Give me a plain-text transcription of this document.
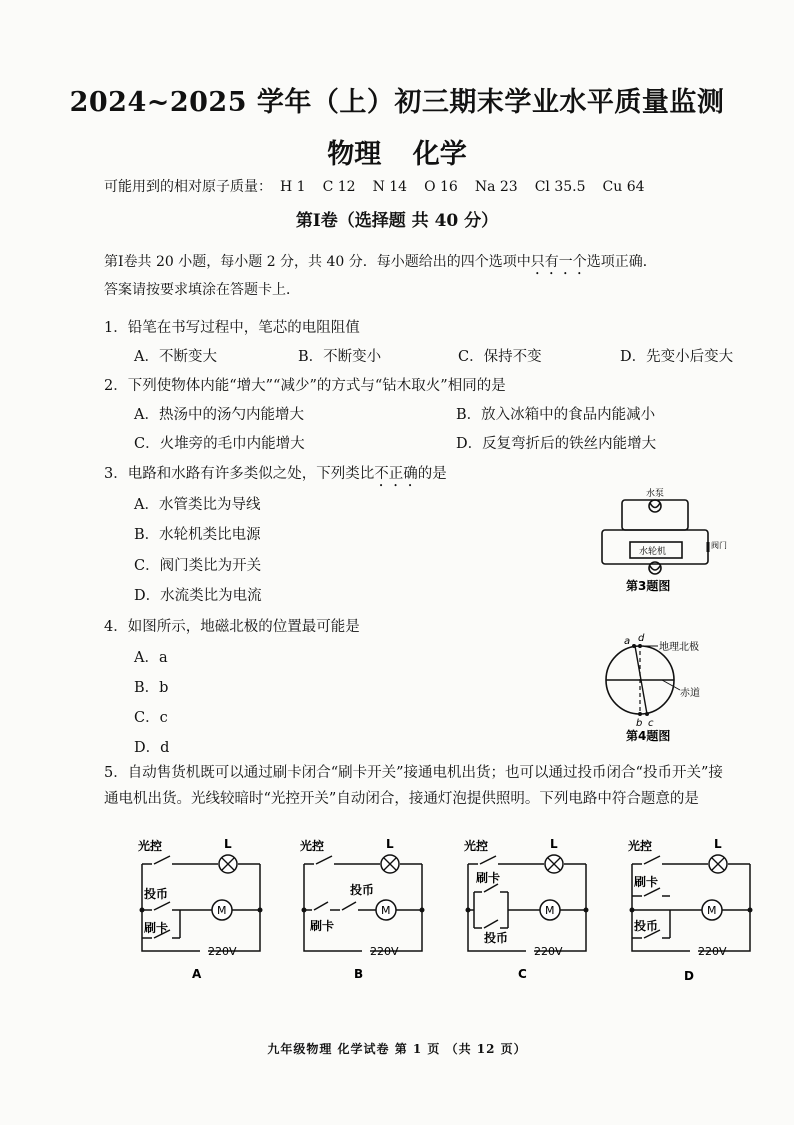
2024~2025 学年（上）初三期末学业水平质量监测
物理 化学
可能用到的相对原子质量： H 1 C 12 N 14 O 16 Na 23 Cl 35.5 Cu 64
第Ⅰ卷（选择题 共 40 分）
第Ⅰ卷共 20 小题，每小题 2 分，共 40 分．每小题给出的四个选项中只有一个选项正确．
答案请按要求填涂在答题卡上．
1．铅笔在书写过程中，笔芯的电阻阻值
A．不断变大	B．不断变小	C．保持不变	D．先变小后变大
2．下列使物体内能“增大”“减少”的方式与“钻木取火”相同的是
A．热汤中的汤勺内能增大	B．放入冰箱中的食品内能减小
C．火堆旁的毛巾内能增大	D．反复弯折后的铁丝内能增大
3．电路和水路有许多类似之处，下列类比不正确的是
A．水管类比为导线
B．水轮机类比电源
C．阀门类比为开关
D．水流类比为电流
水泵
水轮机
阀门
第3题图
4．如图所示，地磁北极的位置最可能是
A．a
B．b
C．c
D．d
a d
b c
地理北极
赤道
第4题图
5．自动售货机既可以通过刷卡闭合“刷卡开关”接通电机出货；也可以通过投币闭合“投币开关”接通电机出货。光线较暗时“光控开关”自动闭合，接通灯泡提供照明。下列电路中符合题意的是
光控
投币
刷卡
L
M
220V
A
光控
投币
刷卡
L
M
220V
B
光控
刷卡
投币
L
M
220V
C
光控
刷卡
投币
L
M
220V
D
九年级物理 化学试卷 第 1 页 （共 12 页）
